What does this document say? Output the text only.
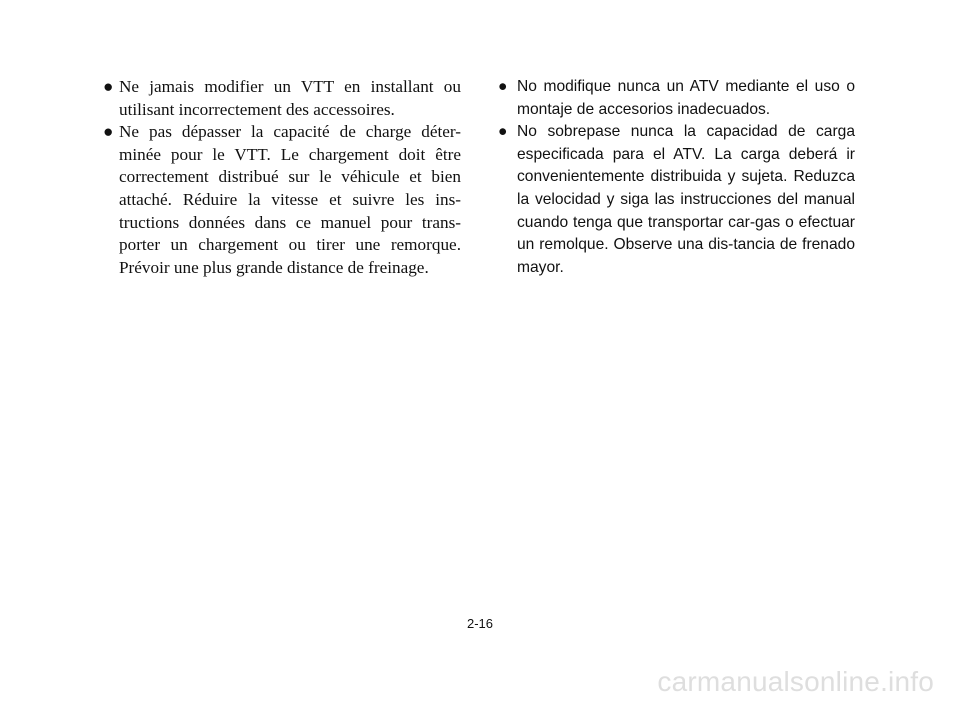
● Ne jamais modifier un VTT en installant ou utilisant incorrectement des accessoires.
● Ne pas dépasser la capacité de charge déter-minée pour le VTT. Le chargement doit être correctement distribué sur le véhicule et bien attaché. Réduire la vitesse et suivre les ins-tructions données dans ce manuel pour trans-porter un chargement ou tirer une remorque. Prévoir une plus grande distance de freinage.
● No modifique nunca un ATV mediante el uso o montaje de accesorios inadecuados.
● No sobrepase nunca la capacidad de carga especificada para el ATV. La carga deberá ir convenientemente distribuida y sujeta. Reduzca la velocidad y siga las instrucciones del manual cuando tenga que transportar car-gas o efectuar un remolque. Observe una dis-tancia de frenado mayor.
2-16
carmanualsonline.info
